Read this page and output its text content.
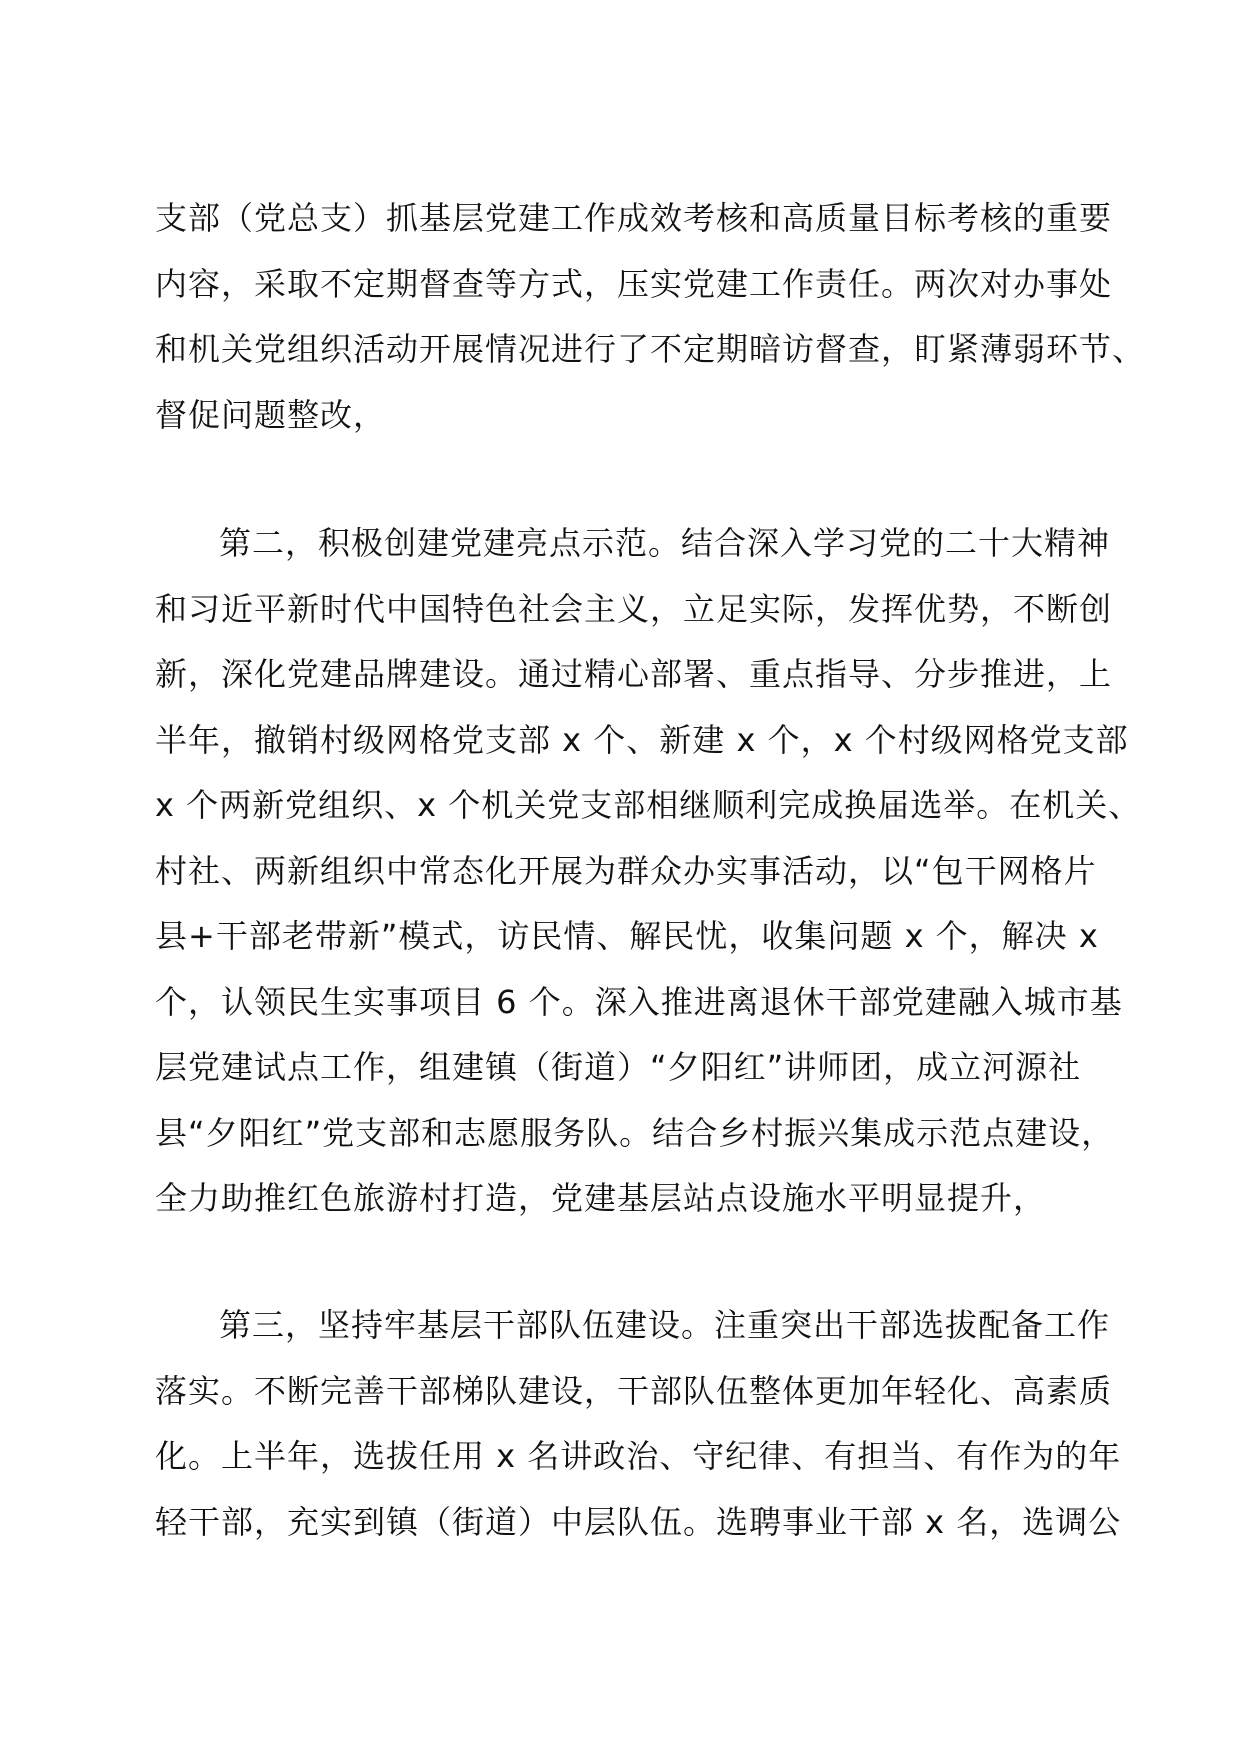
支部（党总支）抓基层党建工作成效考核和高质量目标考核的重要
内容，采取不定期督查等方式，压实党建工作责任。两次对办事处
和机关党组织活动开展情况进行了不定期暗访督查，盯紧薄弱环节、
督促问题整改，
第二，积极创建党建亮点示范。结合深入学习党的二十大精神
和习近平新时代中国特色社会主义，立足实际，发挥优势，不断创
新，深化党建品牌建设。通过精心部署、重点指导、分步推进，上
半年，撤销村级网格党支部 x 个、新建 x 个，x 个村级网格党支部
x 个两新党组织、x 个机关党支部相继顺利完成换届选举。在机关、
村社、两新组织中常态化开展为群众办实事活动，以“包干网格片
县+干部老带新”模式，访民情、解民忧，收集问题 x 个，解决 x
个，认领民生实事项目 6 个。深入推进离退休干部党建融入城市基
层党建试点工作，组建镇（街道）“夕阳红”讲师团，成立河源社
县“夕阳红”党支部和志愿服务队。结合乡村振兴集成示范点建设，
全力助推红色旅游村打造，党建基层站点设施水平明显提升，
第三，坚持牢基层干部队伍建设。注重突出干部选拔配备工作
落实。不断完善干部梯队建设，干部队伍整体更加年轻化、高素质
化。上半年，选拔任用 x 名讲政治、守纪律、有担当、有作为的年
轻干部，充实到镇（街道）中层队伍。选聘事业干部 x 名，选调公
